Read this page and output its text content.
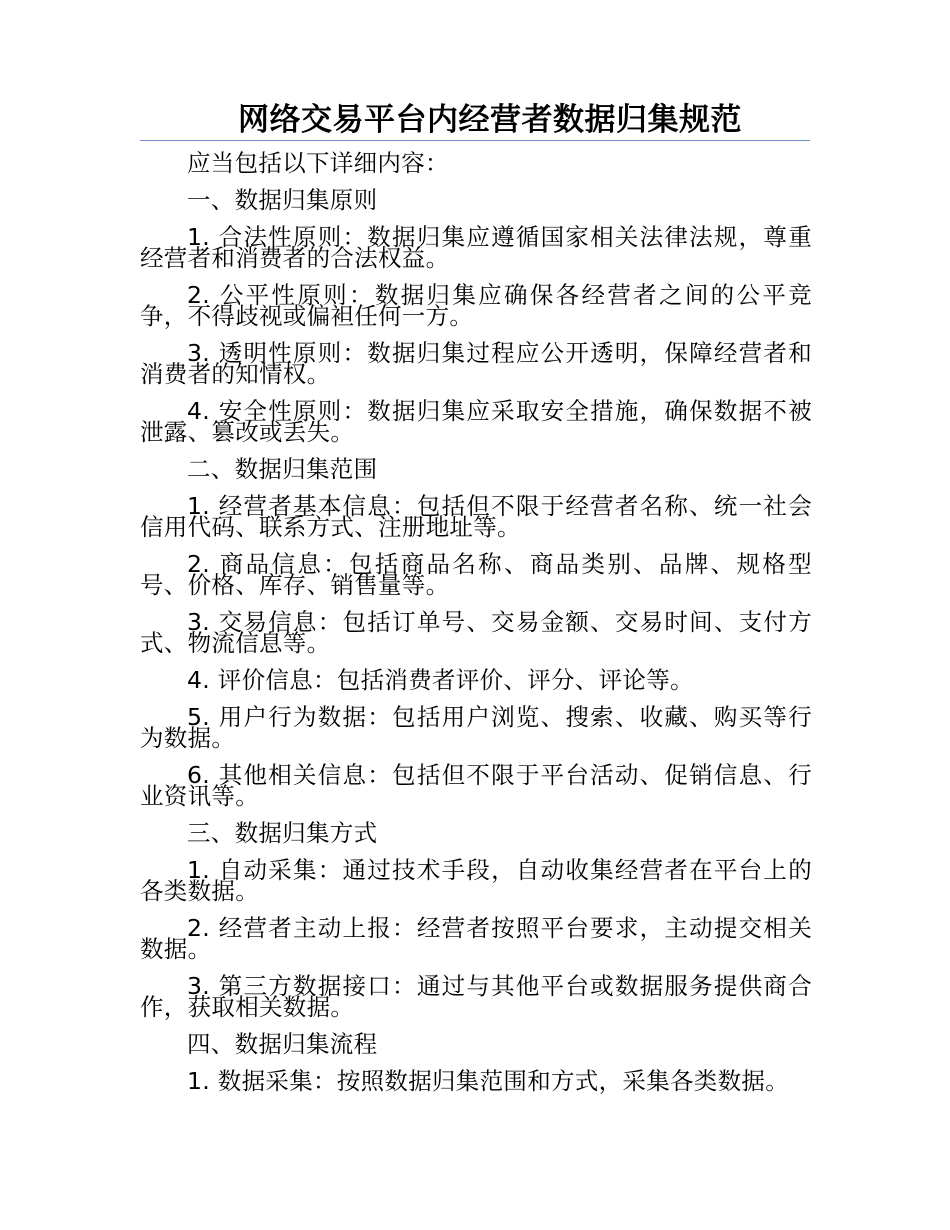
网络交易平台内经营者数据归集规范

应当包括以下详细内容：

一、数据归集原则

1. 合法性原则：数据归集应遵循国家相关法律法规，尊重经营者和消费者的合法权益。

2. 公平性原则：数据归集应确保各经营者之间的公平竞争，不得歧视或偏袒任何一方。

3. 透明性原则：数据归集过程应公开透明，保障经营者和消费者的知情权。

4. 安全性原则：数据归集应采取安全措施，确保数据不被泄露、篡改或丢失。

二、数据归集范围

1. 经营者基本信息：包括但不限于经营者名称、统一社会信用代码、联系方式、注册地址等。

2. 商品信息：包括商品名称、商品类别、品牌、规格型号、价格、库存、销售量等。

3. 交易信息：包括订单号、交易金额、交易时间、支付方式、物流信息等。

4. 评价信息：包括消费者评价、评分、评论等。

5. 用户行为数据：包括用户浏览、搜索、收藏、购买等行为数据。

6. 其他相关信息：包括但不限于平台活动、促销信息、行业资讯等。

三、数据归集方式

1. 自动采集：通过技术手段，自动收集经营者在平台上的各类数据。

2. 经营者主动上报：经营者按照平台要求，主动提交相关数据。

3. 第三方数据接口：通过与其他平台或数据服务提供商合作，获取相关数据。

四、数据归集流程

1. 数据采集：按照数据归集范围和方式，采集各类数据。
